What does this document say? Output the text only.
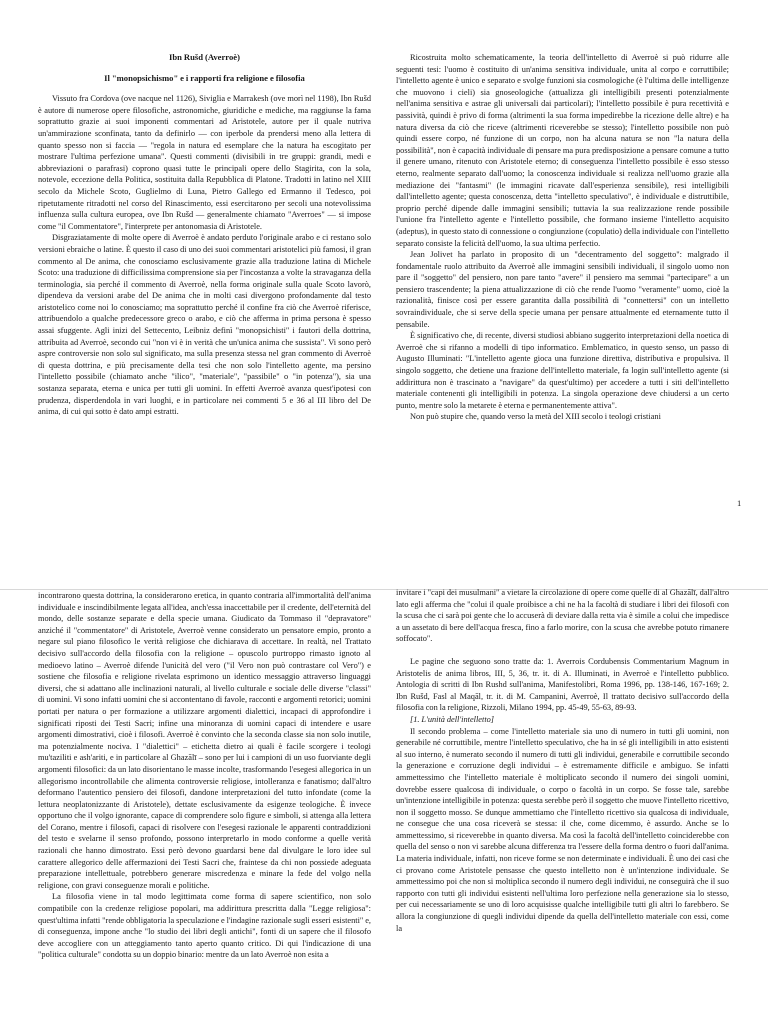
Ibn Rušd (Averroè)
Il "monopsichismo" e i rapporti fra religione e filosofia

Vissuto fra Cordova (ove nacque nel 1126), Siviglia e Marrakesh (ove morì nel 1198), Ibn Rušd è autore di numerose opere filosofiche, astronomiche, giuridiche e mediche, ma raggiunse la fama soprattutto grazie ai suoi imponenti commentari ad Aristotele, autore per il quale nutriva un'ammirazione sconfinata, tanto da definirlo — con iperbole da prendersi meno alla lettera di quanto spesso non si faccia — "regola in natura ed esemplare che la natura ha escogitato per mostrare l'ultima perfezione umana". Questi commenti (divisibili in tre gruppi: grandi, medi e abbreviazioni o parafrasi) coprono quasi tutte le principali opere dello Stagirita, con la sola, notevole, eccezione della Politica, sostituita dalla Repubblica di Platone. Tradotti in latino nel XIII secolo da Michele Scoto, Guglielmo di Luna, Pietro Gallego ed Ermanno il Tedesco, poi ripetutamente ritradotti nel corso del Rinascimento, essi esercitarono per secoli una notevolissima influenza sulla cultura europea, ove Ibn Rušd — generalmente chiamato "Averroes" — si impose come "il Commentatore", l'interprete per antonomasia di Aristotele.

Disgraziatamente di molte opere di Averroè è andato perduto l'originale arabo e ci restano solo versioni ebraiche o latine. È questo il caso di uno dei suoi commentari aristotelici più famosi, il gran commento al De anima, che conosciamo esclusivamente grazie alla traduzione latina di Michele Scoto: una traduzione di difficilissima comprensione sia per l'incostanza a volte la stravaganza della terminologia, sia perché il commento di Averroè, nella forma originale sulla quale Scoto lavorò, dipendeva da versioni arabe del De anima che in molti casi divergono profondamente dal testo aristotelico come noi lo conosciamo; ma soprattutto perché il confine fra ciò che Averroè riferisce, attribuendolo a qualche predecessore greco o arabo, e ciò che afferma in prima persona è spesso assai sfuggente. Agli inizi del Settecento, Leibniz definì "monopsichisti" i fautori della dottrina, attribuita ad Averroè, secondo cui "non vi è in verità che un'unica anima che sussista". Vi sono però aspre controversie non solo sul significato, ma sulla presenza stessa nel gran commento di Averroè di questa dottrina, e più precisamente della tesi che non solo l'intelletto agente, ma persino l'intelletto possibile (chiamato anche "ilico", "materiale", "passibile" o "in potenza"), sia una sostanza separata, eterna e unica per tutti gli uomini. In effetti Averroè avanza quest'ipotesi con prudenza, disperdendola in vari luoghi, e in particolare nei commenti 5 e 36 al III libro del De anima, di cui qui sotto è dato ampi estratti.

Ricostruita molto schematicamente, la teoria dell'intelletto di Averroè si può ridurre alle seguenti tesi: l'uomo è costituito di un'anima sensitiva individuale, unita al corpo e corruttibile; l'intelletto agente è unico e separato e svolge funzioni sia cosmologiche (è l'ultima delle intelligenze che muovono i cieli) sia gnoseologiche (attualizza gli intelligibili presenti potenzialmente nell'anima sensitiva e astrae gli universali dai particolari); l'intelletto possibile è pura recettività e passività, quindi è privo di forma (altrimenti la sua forma impedirebbe la ricezione delle altre) e ha natura diversa da ciò che riceve (altrimenti riceverebbe se stesso); l'intelletto possibile non può quindi essere corpo, né funzione di un corpo, non ha alcuna natura se non "la natura della possibilità", non è capacità individuale di pensare ma pura predisposizione a pensare comune a tutto il genere umano, ritenuto con Aristotele eterno; di conseguenza l'intelletto possibile è esso stesso eterno, realmente separato dall'uomo; la conoscenza individuale si realizza nell'uomo grazie alla mediazione dei "fantasmi" (le immagini ricavate dall'esperienza sensibile), resi intelligibili dall'intelletto agente; questa conoscenza, detta "intelletto speculativo", è individuale e distruttibile, proprio perché dipende dalle immagini sensibili; tuttavia la sua realizzazione rende possibile l'unione fra l'intelletto agente e l'intelletto possibile, che formano insieme l'intelletto acquisito (adeptus), in questo stato di connessione o congiunzione (copulatio) della individuale con l'intelletto separato consiste la felicità dell'uomo, la sua ultima perfectio.

Jean Jolivet ha parlato in proposito di un "decentramento del soggetto": malgrado il fondamentale ruolo attribuito da Averroè alle immagini sensibili individuali, il singolo uomo non pare il "soggetto" del pensiero, non pare tanto "avere" il pensiero ma semmai "partecipare" a un pensiero trascendente; la piena attualizzazione di ciò che rende l'uomo "veramente" uomo, cioè la razionalità, finisce così per essere garantita dalla possibilità di "connettersi" con un intelletto sovraindividuale, che si serve della specie umana per pensare attualmente ed eternamente tutto il pensabile.

È significativo che, di recente, diversi studiosi abbiano suggerito interpretazioni della noetica di Averroè che si rifanno a modelli di tipo informatico. Emblematico, in questo senso, un passo di Augusto Illuminati: "L'intelletto agente gioca una funzione direttiva, distributiva e propulsiva. Il singolo soggetto, che detiene una frazione dell'intelletto materiale, fa login sull'intelletto agente (si addirittura non è trascinato a "navigare" da quest'ultimo) per accedere a tutti i siti dell'intelletto materiale contenenti gli intelligibili in potenza. La singola operazione deve chiudersi a un certo punto, mentre solo la metarete è eterna e permanentemente attiva".

Non può stupire che, quando verso la metà del XIII secolo i teologi cristiani

1

incontrarono questa dottrina, la considerarono eretica, in quanto contraria all'immortalità dell'anima individuale e inscindibilmente legata all'idea, anch'essa inaccettabile per il credente, dell'eternità del mondo, delle sostanze separate e della specie umana. Giudicato da Tommaso il "depravatore" anziché il "commentatore" di Aristotele, Averroè venne considerato un pensatore empio, pronto a negare sul piano filosofico le verità religiose che dichiarava di accettare. In realtà, nel Trattato decisivo sull'accordo della filosofia con la religione – opuscolo purtroppo rimasto ignoto al medioevo latino – Averroè difende l'unicità del vero ("il Vero non può contrastare col Vero") e sostiene che filosofia e religione rivelata esprimono un identico messaggio attraverso linguaggi diversi, che si adattano alle inclinazioni naturali, al livello culturale e sociale delle diverse "classi" di uomini. Vi sono infatti uomini che si accontentano di favole, racconti e argomenti retorici; uomini portati per natura o per formazione a utilizzare argomenti dialettici, incapaci di approfondire i significati riposti dei Testi Sacri; infine una minoranza di uomini capaci di intendere e usare argomenti dimostrativi, cioè i filosofi. Averroè è convinto che la seconda classe sia non solo inutile, ma potenzialmente nociva. I "dialettici" – etichetta dietro ai quali è facile scorgere i teologi mu'taziliti e ash'ariti, e in particolare al Ghazālī – sono per lui i campioni di un uso fuorviante degli argomenti filosofici: da un lato disorientano le masse incolte, trasformando l'esegesi allegorica in un allegorismo incontrollabile che alimenta controversie religiose, intolleranza e fanatismo; dall'altro deformano l'autentico pensiero dei filosofi, dandone interpretazioni del tutto infondate (come la lettura neoplatonizzante di Aristotele), dettate esclusivamente da esigenze teologiche. È invece opportuno che il volgo ignorante, capace di comprendere solo figure e simboli, si attenga alla lettera del Corano, mentre i filosofi, capaci di risolvere con l'esegesi razionale le apparenti contraddizioni del testo e svelarne il senso profondo, possono interpretarlo in modo conforme a quelle verità razionali che hanno dimostrato. Essi però devono guardarsi bene dal divulgare le loro idee sul carattere allegorico delle affermazioni dei Testi Sacri che, fraintese da chi non possiede adeguata preparazione intellettuale, potrebbero generare miscredenza e minare la fede del volgo nella religione, con gravi conseguenze morali e politiche.

La filosofia viene in tal modo legittimata come forma di sapere scientifico, non solo compatibile con la credenze religiose popolari, ma addirittura prescritta dalla "Legge religiosa": quest'ultima infatti "rende obbligatoria la speculazione e l'indagine razionale sugli esseri esistenti" e, di conseguenza, impone anche "lo studio dei libri degli antichi", fonti di un sapere che il filosofo deve accogliere con un atteggiamento tanto aperto quanto critico. Di qui l'indicazione di una "politica culturale" condotta su un doppio binario: mentre da un lato Averroè non esita a

invitare i "capi dei musulmani" a vietare la circolazione di opere come quelle di al Ghazālī, dall'altro lato egli afferma che "colui il quale proibisce a chi ne ha la facoltà di studiare i libri dei filosofi con la scusa che ci sarà poi gente che lo accuserà di deviare dalla retta via è simile a colui che impedisce a un assetato di bere dell'acqua fresca, fino a farlo morire, con la scusa che avrebbe potuto rimanere soffocato".

Le pagine che seguono sono tratte da: 1. Averrois Cordubensis Commentarium Magnum in Aristotelis de anima libros, III, 5, 36, tr. it. di A. Illuminati, in Averroè e l'intelletto pubblico. Antologia di scritti di Ibn Rushd sull'anima, Manifestolibri, Roma 1996, pp. 138-146, 167-169; 2. Ibn Rušd, Fasl al Maqāl, tr. it. di M. Campanini, Averroè, Il trattato decisivo sull'accordo della filosofia con la religione, Rizzoli, Milano 1994, pp. 45-49, 55-63, 89-93.

[1. L'unità dell'intelletto]

Il secondo problema – come l'intelletto materiale sia uno di numero in tutti gli uomini, non generabile né corruttibile, mentre l'intelletto speculativo, che ha in sé gli intelligibili in atto esistenti al suo interno, è numerato secondo il numero di tutti gli individui, generabile e corruttibile secondo la generazione e corruzione degli individui – è estremamente difficile e ambiguo. Se infatti ammettessimo che l'intelletto materiale è moltiplicato secondo il numero dei singoli uomini, dovrebbe essere qualcosa di individuale, o corpo o facoltà in un corpo. Se fosse tale, sarebbe un'intenzione intelligibile in potenza: questa serebbe però il soggetto che muove l'intelletto ricettivo, non il soggetto mosso. Se dunque ammettiamo che l'intelletto ricettivo sia qualcosa di individuale, ne consegue che una cosa riceverà se stessa: il che, come dicemmo, è assurdo. Anche se lo ammettessimo, si riceverebbe in quanto diversa. Ma così la facoltà dell'intelletto coinciderebbe con quella del senso o non vi sarebbe alcuna differenza tra l'essere della forma dentro o fuori dall'anima. La materia individuale, infatti, non riceve forme se non determinate e individuali. È uno dei casi che ci provano come Aristotele pensasse che questo intelletto non è un'intenzione individuale. Se ammettessimo poi che non si moltiplica secondo il numero degli individui, ne conseguirà che il suo rapporto con tutti gli individui esistenti nell'ultima loro perfezione nella generazione sia lo stesso, per cui necessariamente se uno di loro acquisisse qualche intelligibile tutti gli altri lo farebbero. Se allora la congiunzione di quegli individui dipende da quella dell'intelletto materiale con essi, come la
